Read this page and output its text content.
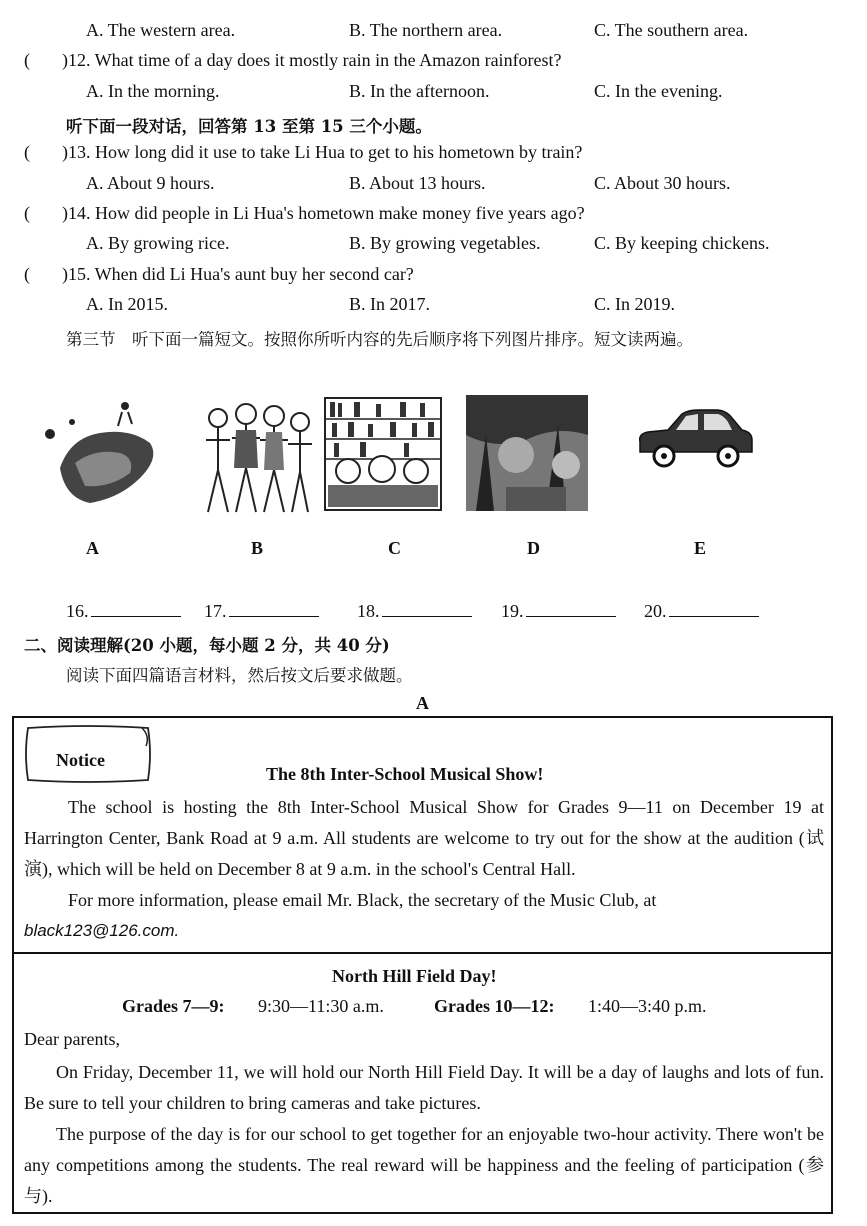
A. The western area.	B. The northern area.	C. The southern area.
( )12. What time of a day does it mostly rain in the Amazon rainforest?
A. In the morning.	B. In the afternoon.	C. In the evening.
听下面一段对话，回答第 13 至第 15 三个小题。
( )13. How long did it use to take Li Hua to get to his hometown by train?
A. About 9 hours.	B. About 13 hours.	C. About 30 hours.
( )14. How did people in Li Hua's hometown make money five years ago?
A. By growing rice.	B. By growing vegetables.	C. By keeping chickens.
( )15. When did Li Hua's aunt buy her second car?
A. In 2015.	B. In 2017.	C. In 2019.
第三节　听下面一篇短文。按照你所听内容的先后顺序将下列图片排序。短文读两遍。
A	B	C	D	E
16.	17.	18.	19.	20.
二、阅读理解(20 小题，每小题 2 分，共 40 分)
阅读下面四篇语言材料，然后按文后要求做题。
A
Notice
The 8th Inter-School Musical Show!
The school is hosting the 8th Inter-School Musical Show for Grades 9—11 on December 19 at Harrington Center, Bank Road at 9 a.m. All students are welcome to try out for the show at the audition (试演), which will be held on December 8 at 9 a.m. in the school's Central Hall.
For more information, please email Mr. Black, the secretary of the Music Club, at
black123@126.com.
North Hill Field Day!
Grades 7—9: 9:30—11:30 a.m.	Grades 10—12: 1:40—3:40 p.m.
Dear parents,
On Friday, December 11, we will hold our North Hill Field Day. It will be a day of laughs and lots of fun. Be sure to tell your children to bring cameras and take pictures.
The purpose of the day is for our school to get together for an enjoyable two-hour activity. There won't be any competitions among the students. The real reward will be happiness and the feeling of participation (参与).
